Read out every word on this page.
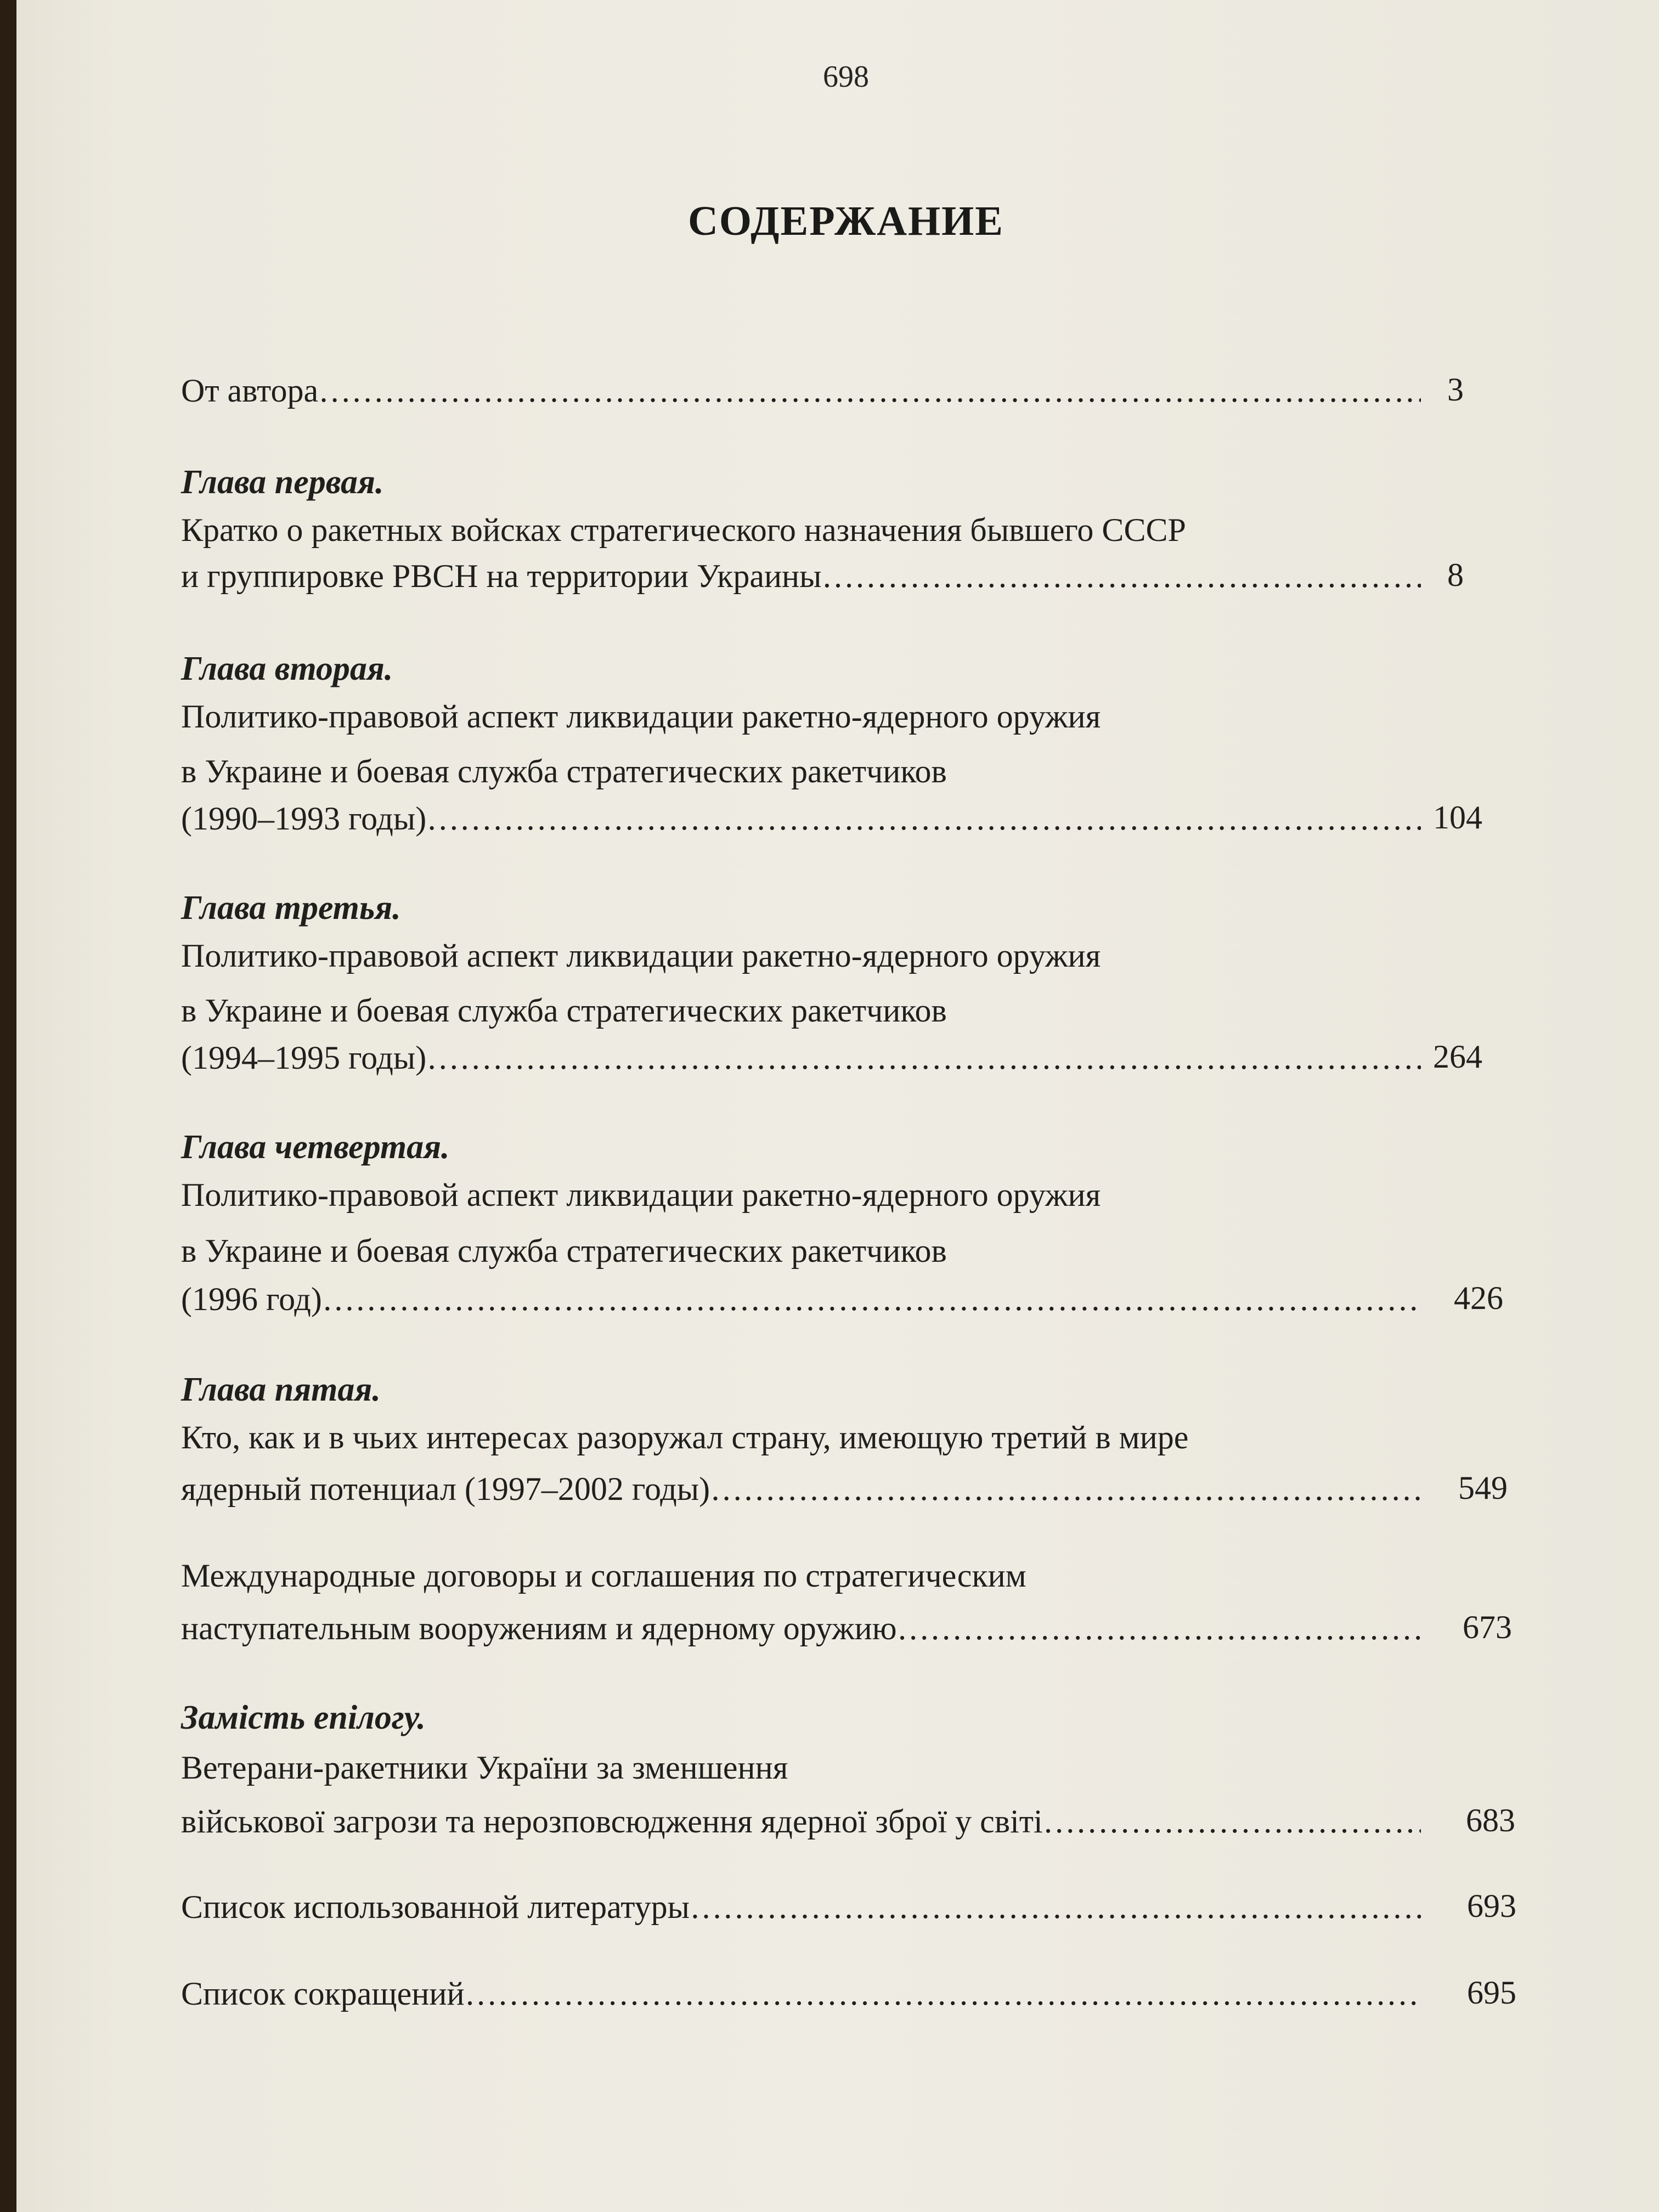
698
СОДЕРЖАНИЕ
От автора …………………………………………………………………………………………………………………………………………………………………………………………………………	3
Глава первая.
Кратко о ракетных войсках стратегического назначения бывшего СССР
и группировке РВСН на территории Украины …………………………………………………………………………………………………………………………………………………………………………………………………………	8
Глава вторая.
Политико-правовой аспект ликвидации ракетно-ядерного оружия
в Украине и боевая служба стратегических ракетчиков
(1990–1993 годы) …………………………………………………………………………………………………………………………………………………………………………………………………………	104
Глава третья.
Политико-правовой аспект ликвидации ракетно-ядерного оружия
в Украине и боевая служба стратегических ракетчиков
(1994–1995 годы) …………………………………………………………………………………………………………………………………………………………………………………………………………	264
Глава четвертая.
Политико-правовой аспект ликвидации ракетно-ядерного оружия
в Украине и боевая служба стратегических ракетчиков
(1996 год) …………………………………………………………………………………………………………………………………………………………………………………………………………	426
Глава пятая.
Кто, как и в чьих интересах разоружал страну, имеющую третий в мире
ядерный потенциал (1997–2002 годы) …………………………………………………………………………………………………………………………………………………………………………………………………………	549
Международные договоры и соглашения по стратегическим
наступательным вооружениям и ядерному оружию …………………………………………………………………………………………………………………………………………………………………………………………………………	673
Замість епілогу.
Ветерани-ракетники України за зменшення
військової загрози та нерозповсюдження ядерної зброї у світі …………………………………………………………………………………………………………………………………………………………………………………………………………	683
Список использованной литературы …………………………………………………………………………………………………………………………………………………………………………………………………………	693
Список сокращений …………………………………………………………………………………………………………………………………………………………………………………………………………	695
